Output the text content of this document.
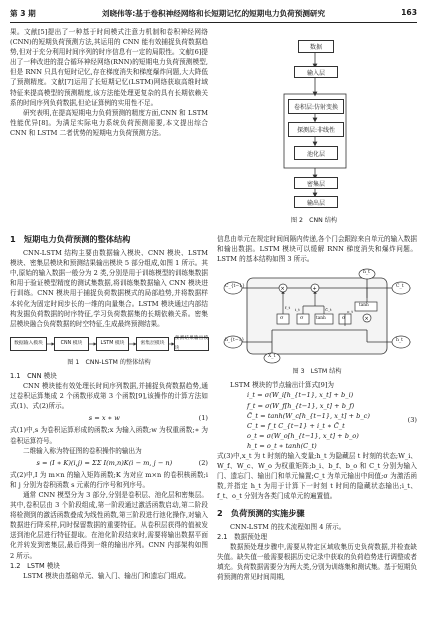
第 3 期	刘晓伟等:基于卷积神经网络和长短期记忆的短期电力负荷预测研究	163

果。文献[5]提出了一种基于时间模式注意力机制和卷积神经网络(CNN)的短期负荷预测方法,其运用的 CNN 能有效捕捉负荷数据趋势,但对于充分利用时间序列的时序信息有一定的局限性。文献[6]提出了一种改进的混合循环神经网络(RNN)的短期电力负荷预测模型,但是 RNN 只具有短时记忆,存在梯度消失和梯度爆炸问题,大大降低了预测精度。文献[7]运用了长短期记忆(LSTM)网络获取高维时域特征来提高模型的预测精度,该方法能处理更复杂的具有长期依赖关系的时间序列负荷数据,但论证算例的实用性不足。

研究表明,在提高短期电力负荷预测的精度方面,CNN 和 LSTM 性能优异[8]。为满足实际电力系统负荷预测需要,本文提出综合 CNN 和 LSTM 二者优势的短期电力负荷预测方法。

数据
输入层
卷积层:仿射变换
探测层:非线性
池化层
密集层
输出层
图 2　CNN 结构
1　短期电力负荷预测的整体结构

CNN-LSTM 结构主要由数据输入模块、CNN 模块、LSTM 模块、密集层模块和预测结果输出模块 5 部分组成,如图 1 所示。其中,原始的输入数据一般分为 2 类,分别是用于训练模型的训练集数据和用于验证模型精度的测试集数据,将训练集数据输入 CNN 模块进行训练。CNN 模块用于捕捉负荷数据模式的局部趋势,并将数据样本转化为固定时间步长的一维的向量集合。LSTM 模块通过内部结构发掘负荷数据的时序特征,学习负荷数据集的长期依赖关系。密集层模块融合负荷数据的时空特征,生成最终预测结果。

数据输入模块	CNN 模块	LSTM 模块	密集层模块
预测结果输出模块
图 1　CNN-LSTM 的整体结构

1.1　CNN 模块

CNN 模块能有效处理长时间序列数据,并捕捉负荷数据趋势,通过卷积运算集成 2 个函数形成第 3 个函数[9],该操作的计算方法如式(1)、式(2)所示。

s = x ∗ w	(1)

式(1)中,s 为卷积运算形成的函数;x 为输入函数;w 为权重函数;∗ 为卷积运算符号。

二维输入称为特征图的卷积操作的输出为

s = (I ∗ K)(i,j) = ΣΣ I(m,n)K(i − m, j − n)	(2)

式(2)中,I 为 m×n 的输入矩阵函数;K 为对应 m×n 的卷积核函数;i 和 j 分别为卷积函数 s 元素的行序号和列序号。

通常 CNN 模型分为 3 部分,分别是卷积层、池化层和密集层。其中,卷积层由 3 个阶段组成,第一阶段通过激活函数启动,第二阶段将检测到的激活函数叠成为线性函数,第三阶段进行池化操作,对输入数据进行降采样,同时保留数据的重要特征。从卷积层获得的值被发送到池化层进行特征提取。在池化阶段结束时,需要将输出数据平面化并转发到密集层,最后得到一维的输出序列。CNN 内部架构如图 2 所示。

1.2　LSTM 模块

LSTM 模块由基础单元、输入门、输出门和遗忘门组成。

信息由单元在规定时间间隔内传递,各个门会跟踪来自单元的输入数据和输出数据。LSTM 模块可以缓解 RNN 梯度消失和爆炸问题。LSTM 的基本结构如图 3 所示。

×	+
×
C_{t−1}	C_t
h_{t−1}	h_t
h_t
X_t
σ	σ	tanh	σ
tanh
f_t i_t	C̃_t	o_t
图 3　LSTM 结构

LSTM 模块的节点输出计算式[9]为

i_t = σ(W_i[h_{t−1}, x_t] + b_i)
f_t = σ(W_f[h_{t−1}, x_t] + b_f)
C̃_t = tanh(W_c[h_{t−1}, x_t] + b_c)
C_t = f_t C_{t−1} + i_t ∗ C̃_t
o_t = σ(W_o[h_{t−1}, x_t] + b_o)
h_t = o_t ∗ tanh(C_t)
(3)

式(3)中,x_t 为 t 时刻的输入变量;h_t 为隐藏层 t 时刻的状态;W_i、W_f、W_c、W_o 为权重矩阵;b_i、b_f、b_o 和 C_t 分别为输入门、遗忘门、输出门和单元偏置;C_t 为单元输出中间值;σ 为激活函数,并指定 h_t 为用于计算下一时刻 t 时间的隐藏状态输出;i_t、f_t、o_t 分别为各类门成单元的遍置值。

2　负荷预测的实施步骤

CNN-LSTM 的技术流程如图 4 所示。

2.1　数据预处理

数据预处理步骤中,需要从特定区域收集历史负荷数据,并检查缺失值。缺失值一般需要根据历史记录中获取的负荷趋势进行调整或者填充。负荷数据需要分为两大类,分别为训练集和测试集。基于短期负荷预测的常见时间周期,
